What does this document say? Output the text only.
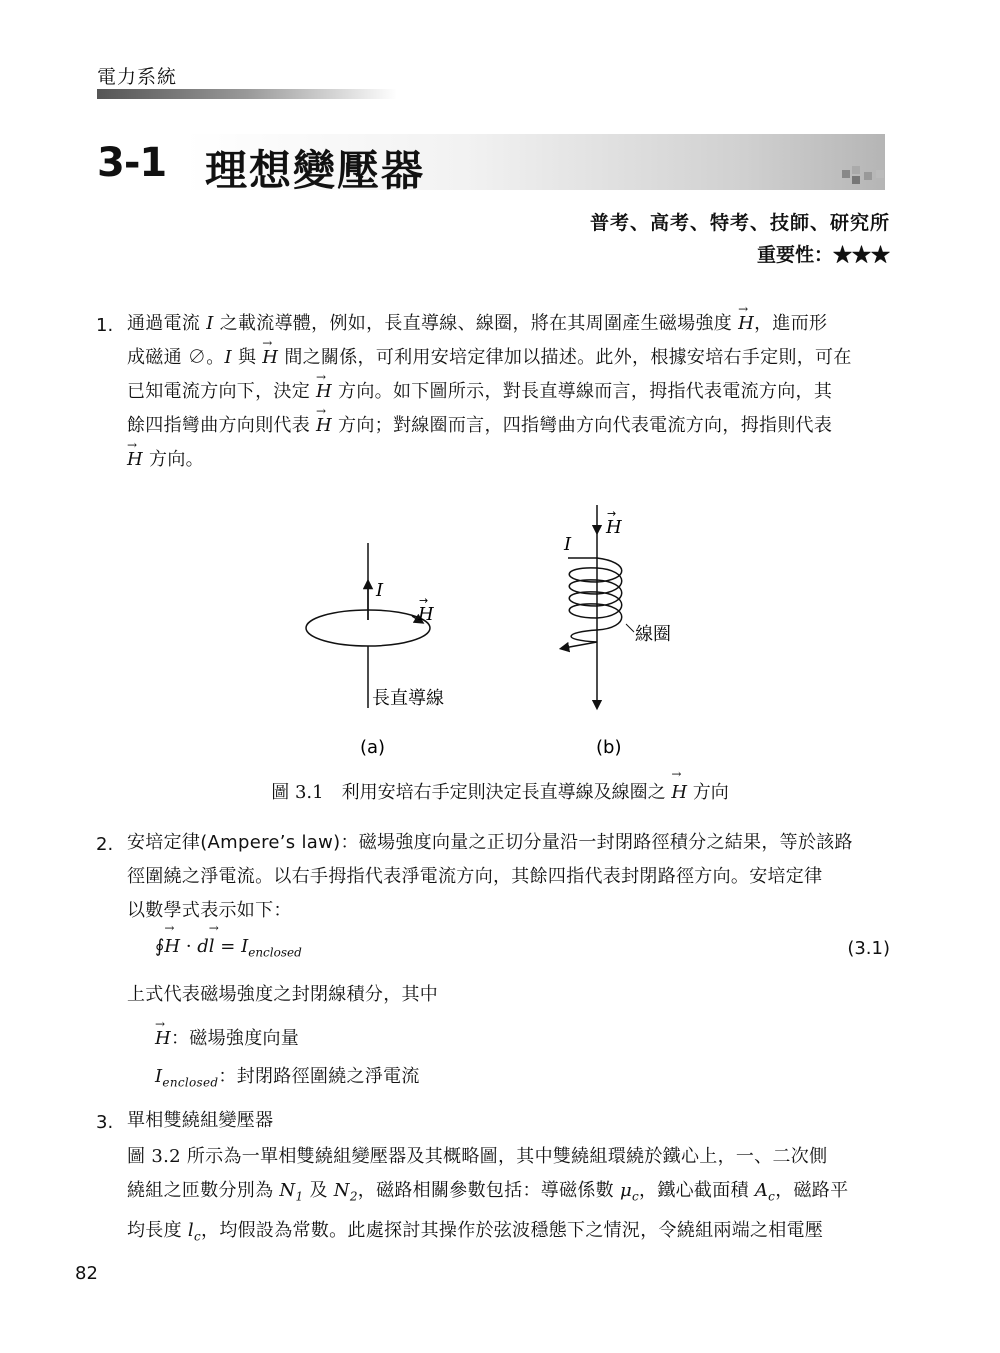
電力系統
3-1 理想變壓器
普考、高考、特考、技師、研究所
重要性：★★★
1. 通過電流 I 之載流導體，例如，長直導線、線圈，將在其周圍產生磁場強度 → H，進而形
成磁通 ∅。I 與 → H 間之關係，可利用安培定律加以描述。此外，根據安培右手定則，可在
已知電流方向下，決定 → H 方向。如下圖所示，對長直導線而言，拇指代表電流方向，其
餘四指彎曲方向則代表 → H 方向；對線圈而言，四指彎曲方向代表電流方向，拇指則代表
→ H 方向。
I
H
→
長直導線
(a)
H
→
I
線圈
(b)
圖 3.1　利用安培右手定則決定長直導線及線圈之 → H 方向
2. 安培定律(Ampere’s law)：磁場強度向量之正切分量沿一封閉路徑積分之結果，等於該路
徑圍繞之淨電流。以右手拇指代表淨電流方向，其餘四指代表封閉路徑方向。安培定律
以數學式表示如下：
∮→ $H \cdot d\to l = I_{enclosed}$	(3.1)
上式代表磁場強度之封閉線積分，其中
→ H：磁場強度向量
$I_{enclosed}$：封閉路徑圍繞之淨電流
3. 單相雙繞組變壓器
圖 3.2 所示為一單相雙繞組變壓器及其概略圖，其中雙繞組環繞於鐵心上，一、二次側
繞組之匝數分別為 $N_1$ 及 $N_2$，磁路相關參數包括：導磁係數 $\mu_c$，鐵心截面積 $A_c$，磁路平
均長度 $l_c$，均假設為常數。此處探討其操作於弦波穩態下之情況，令繞組兩端之相電壓
82
